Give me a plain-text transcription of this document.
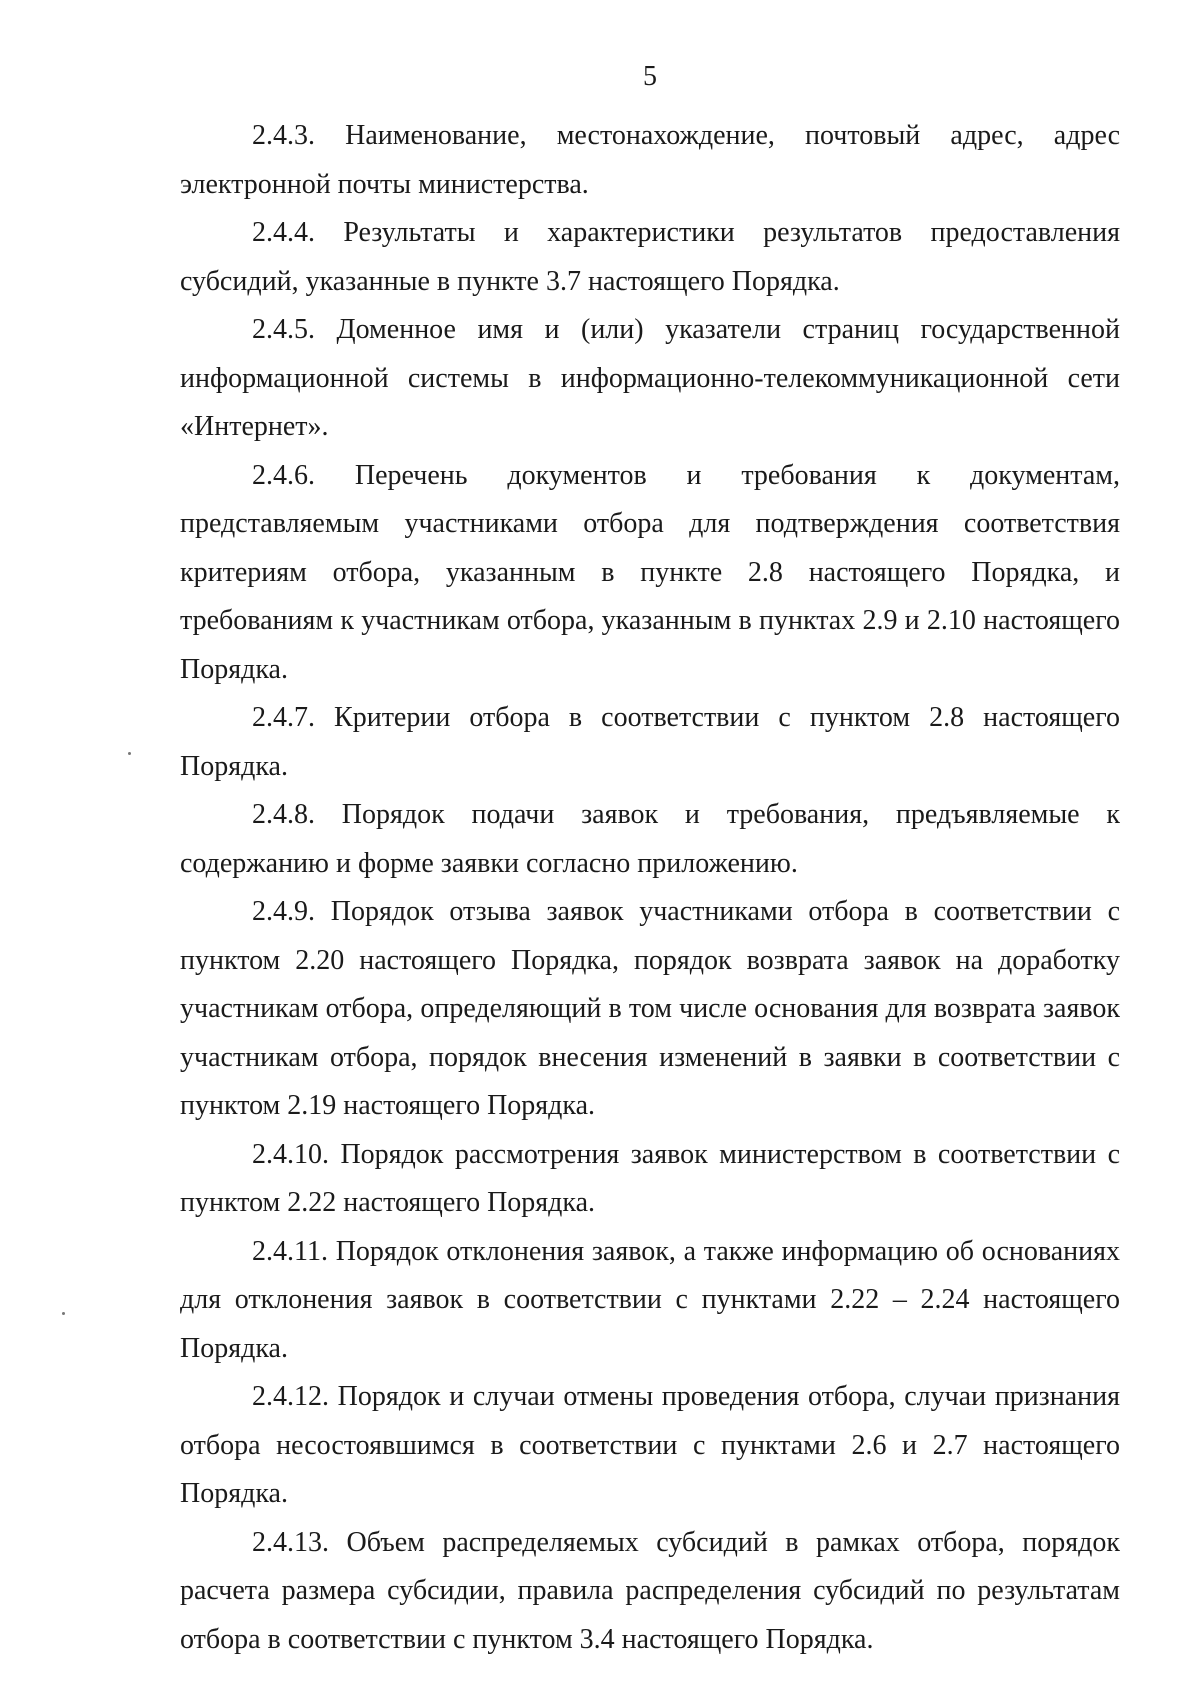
5

2.4.3. Наименование, местонахождение, почтовый адрес, адрес электронной почты министерства.

2.4.4. Результаты и характеристики результатов предоставления субсидий, указанные в пункте 3.7 настоящего Порядка.

2.4.5. Доменное имя и (или) указатели страниц государственной информационной системы в информационно-телекоммуникационной сети «Интернет».

2.4.6. Перечень документов и требования к документам, представляемым участниками отбора для подтверждения соответствия критериям отбора, указанным в пункте 2.8 настоящего Порядка, и требованиям к участникам отбора, указанным в пунктах 2.9 и 2.10 настоящего Порядка.

2.4.7. Критерии отбора в соответствии с пунктом 2.8 настоящего Порядка.

2.4.8. Порядок подачи заявок и требования, предъявляемые к содержанию и форме заявки согласно приложению.

2.4.9. Порядок отзыва заявок участниками отбора в соответствии с пунктом 2.20 настоящего Порядка, порядок возврата заявок на доработку участникам отбора, определяющий в том числе основания для возврата заявок участникам отбора, порядок внесения изменений в заявки в соответствии с пунктом 2.19 настоящего Порядка.

2.4.10. Порядок рассмотрения заявок министерством в соответствии с пунктом 2.22 настоящего Порядка.

2.4.11. Порядок отклонения заявок, а также информацию об основаниях для отклонения заявок в соответствии с пунктами 2.22 – 2.24 настоящего Порядка.

2.4.12. Порядок и случаи отмены проведения отбора, случаи признания отбора несостоявшимся в соответствии с пунктами 2.6 и 2.7 настоящего Порядка.

2.4.13. Объем распределяемых субсидий в рамках отбора, порядок расчета размера субсидии, правила распределения субсидий по результатам отбора в соответствии с пунктом 3.4 настоящего Порядка.
